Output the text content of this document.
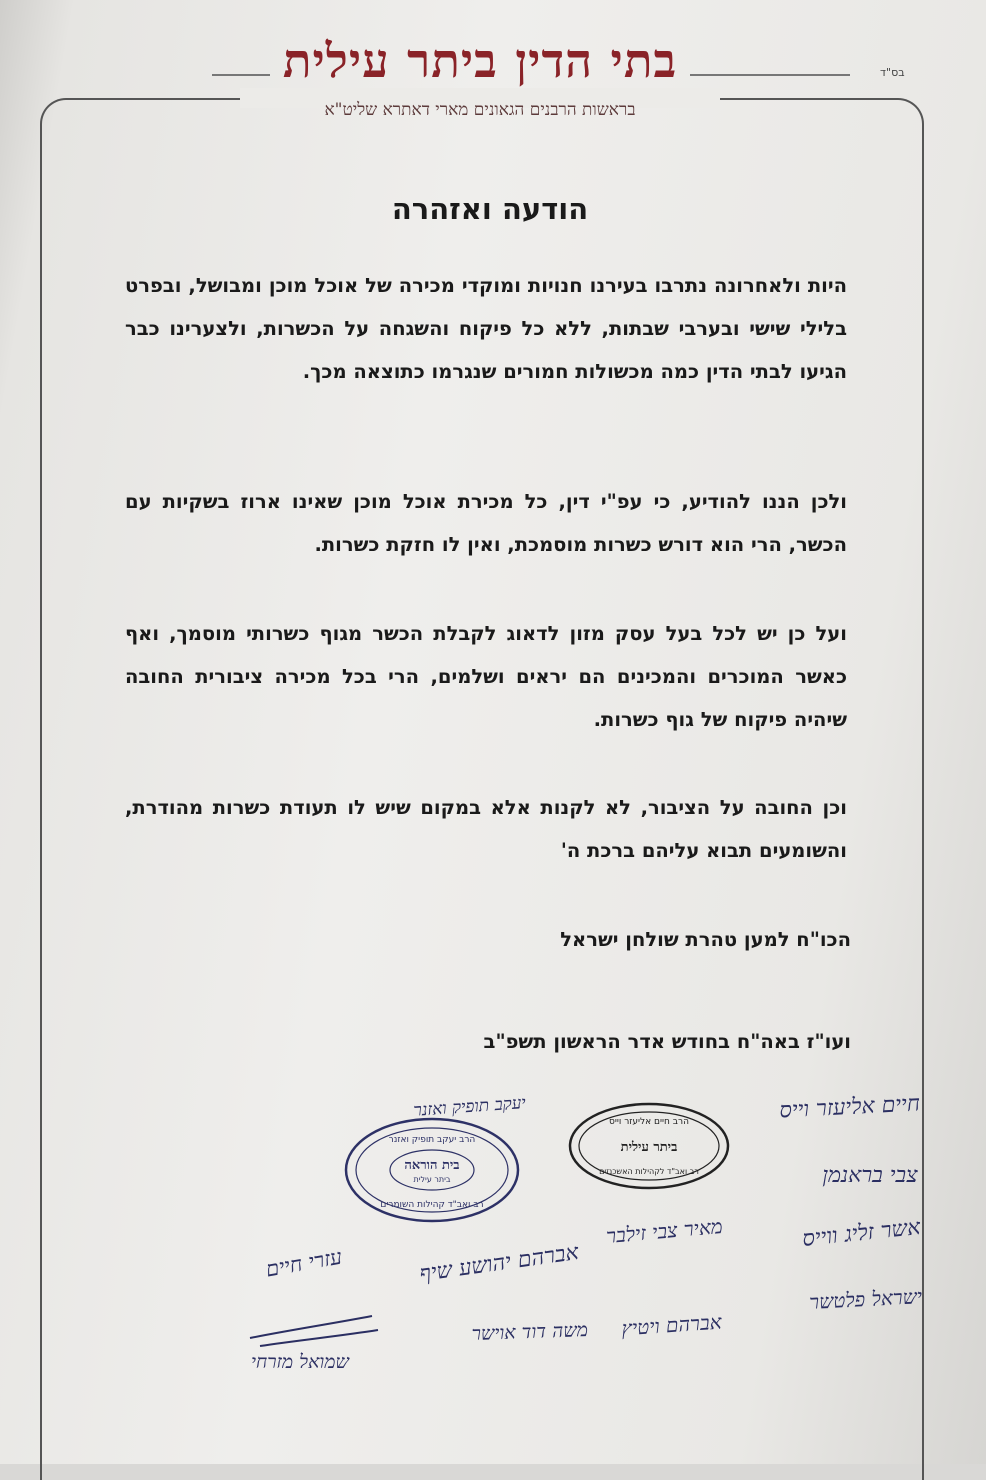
בס"ד
בתי הדין ביתר עילית
בראשות הרבנים הגאונים מארי דאתרא שליט"א
הודעה ואזהרה
היות ולאחרונה נתרבו בעירנו חנויות ומוקדי מכירה של אוכל מוכן ומבושל, ובפרט בלילי שישי ובערבי שבתות, ללא כל פיקוח והשגחה על הכשרות, ולצערינו כבר הגיעו לבתי הדין כמה מכשולות חמורים שנגרמו כתוצאה מכך.
ולכן הננו להודיע, כי עפ"י דין, כל מכירת אוכל מוכן שאינו ארוז בשקיות עם הכשר, הרי הוא דורש כשרות מוסמכת, ואין לו חזקת כשרות.
ועל כן יש לכל בעל עסק מזון לדאוג לקבלת הכשר מגוף כשרותי מוסמך, ואף כאשר המוכרים והמכינים הם יראים ושלמים, הרי בכל מכירה ציבורית החובה שיהיה פיקוח של גוף כשרות.
וכן החובה על הציבור, לא לקנות אלא במקום שיש לו תעודת כשרות מהודרת, והשומעים תבוא עליהם ברכת ה'
הכו"ח למען טהרת שולחן ישראל
ועו"ז באה"ח בחודש אדר הראשון תשפ"ב
הרב יעקב תופיק ואזנר
בית הוראה
ביתר עילית
רב ואב"ד קהילות השומרים
הרב חיים אליעזר וייס
ביתר עילית
רב ואב"ד לקהילות האשכנזים
יעקב תופיק ואזנר	חיים אליעזר וייס
צבי בראנמן
אשר זליג ווייס
ישראל פלטשר
מאיר צבי זילבר
עזרי חיים	אברהם יהושע שיף
משה דוד אוישר אברהם ויטיץ
שמואל מזרחי
